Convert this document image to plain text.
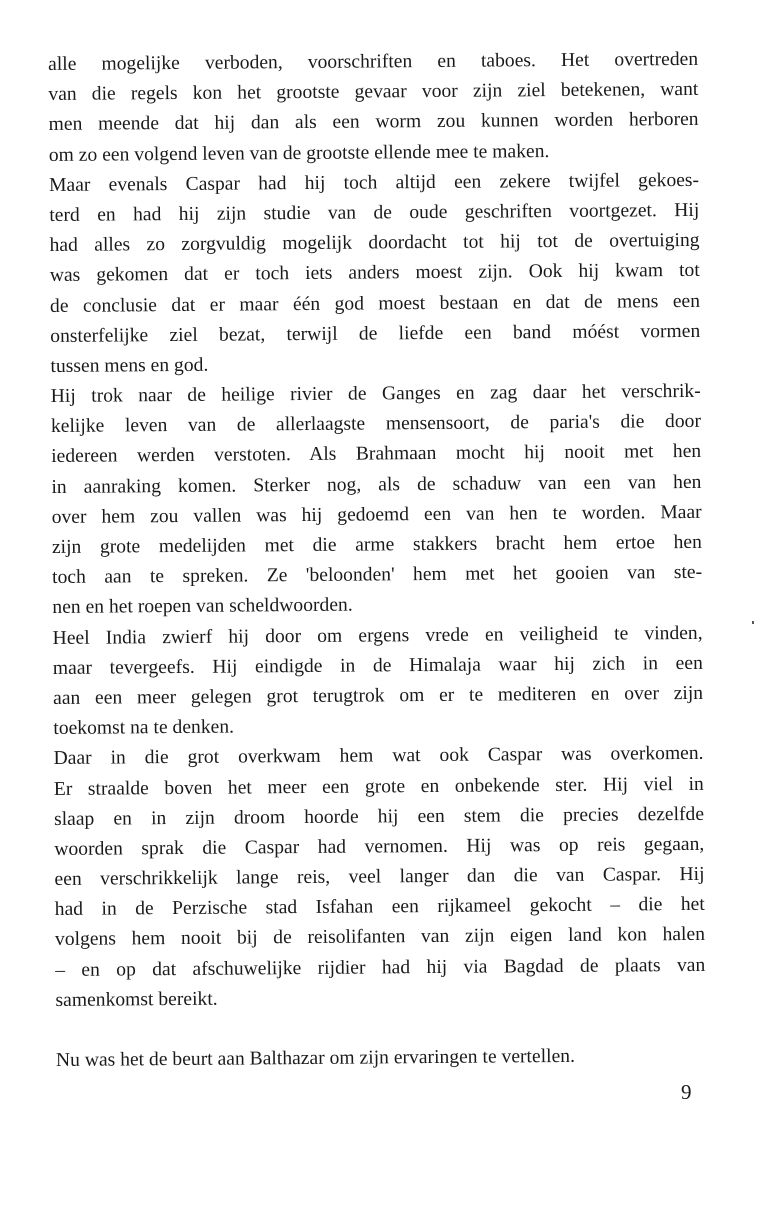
alle mogelijke verboden, voorschriften en taboes. Het overtreden
van die regels kon het grootste gevaar voor zijn ziel betekenen, want
men meende dat hij dan als een worm zou kunnen worden herboren
om zo een volgend leven van de grootste ellende mee te maken.
Maar evenals Caspar had hij toch altijd een zekere twijfel gekoes-
terd en had hij zijn studie van de oude geschriften voortgezet. Hij
had alles zo zorgvuldig mogelijk doordacht tot hij tot de overtuiging
was gekomen dat er toch iets anders moest zijn. Ook hij kwam tot
de conclusie dat er maar één god moest bestaan en dat de mens een
onsterfelijke ziel bezat, terwijl de liefde een band móést vormen
tussen mens en god.
Hij trok naar de heilige rivier de Ganges en zag daar het verschrik-
kelijke leven van de allerlaagste mensensoort, de paria's die door
iedereen werden verstoten. Als Brahmaan mocht hij nooit met hen
in aanraking komen. Sterker nog, als de schaduw van een van hen
over hem zou vallen was hij gedoemd een van hen te worden. Maar
zijn grote medelijden met die arme stakkers bracht hem ertoe hen
toch aan te spreken. Ze 'beloonden' hem met het gooien van ste-
nen en het roepen van scheldwoorden.
Heel India zwierf hij door om ergens vrede en veiligheid te vinden,
maar tevergeefs. Hij eindigde in de Himalaja waar hij zich in een
aan een meer gelegen grot terugtrok om er te mediteren en over zijn
toekomst na te denken.
Daar in die grot overkwam hem wat ook Caspar was overkomen.
Er straalde boven het meer een grote en onbekende ster. Hij viel in
slaap en in zijn droom hoorde hij een stem die precies dezelfde
woorden sprak die Caspar had vernomen. Hij was op reis gegaan,
een verschrikkelijk lange reis, veel langer dan die van Caspar. Hij
had in de Perzische stad Isfahan een rijkameel gekocht – die het
volgens hem nooit bij de reisolifanten van zijn eigen land kon halen
– en op dat afschuwelijke rijdier had hij via Bagdad de plaats van
samenkomst bereikt.
Nu was het de beurt aan Balthazar om zijn ervaringen te vertellen.
9
